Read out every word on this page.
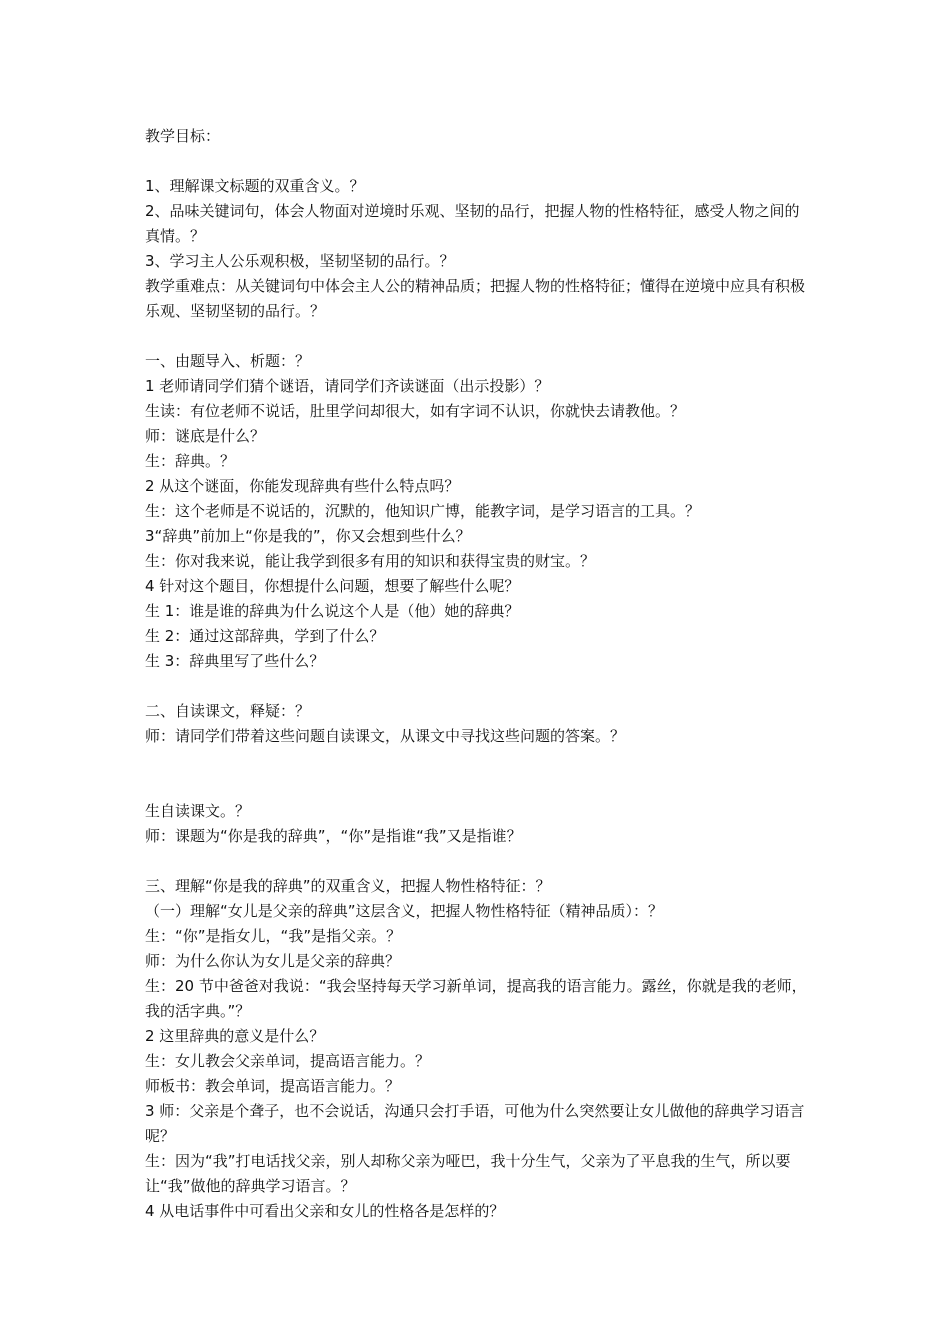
教学目标：

1、理解课文标题的双重含义。？

2、品味关键词句，体会人物面对逆境时乐观、坚韧的品行，把握人物的性格特征，感受人物之间的真情。？

3、学习主人公乐观积极，坚韧坚韧的品行。？

教学重难点：从关键词句中体会主人公的精神品质；把握人物的性格特征；懂得在逆境中应具有积极乐观、坚韧坚韧的品行。？

一、由题导入、析题：？

1 老师请同学们猜个谜语，请同学们齐读谜面（出示投影）？

生读：有位老师不说话，肚里学问却很大，如有字词不认识，你就快去请教他。？

师：谜底是什么？

生：辞典。？

2 从这个谜面，你能发现辞典有些什么特点吗？

生：这个老师是不说话的，沉默的，他知识广博，能教字词，是学习语言的工具。？

3“辞典”前加上“你是我的”，你又会想到些什么？

生：你对我来说，能让我学到很多有用的知识和获得宝贵的财宝。？

4 针对这个题目，你想提什么问题，想要了解些什么呢？

生 1：谁是谁的辞典为什么说这个人是（他）她的辞典？

生 2：通过这部辞典，学到了什么？

生 3：辞典里写了些什么？

二、自读课文，释疑：？

师：请同学们带着这些问题自读课文，从课文中寻找这些问题的答案。？

生自读课文。？

师：课题为“你是我的辞典”，“你”是指谁“我”又是指谁？

三、理解“你是我的辞典”的双重含义，把握人物性格特征：？

（一）理解“女儿是父亲的辞典”这层含义，把握人物性格特征（精神品质）：？

生：“你”是指女儿，“我”是指父亲。？

师：为什么你认为女儿是父亲的辞典？

生：20 节中爸爸对我说：“我会坚持每天学习新单词，提高我的语言能力。露丝，你就是我的老师，我的活字典。”？

2 这里辞典的意义是什么？

生：女儿教会父亲单词，提高语言能力。？

师板书：教会单词，提高语言能力。？

3 师：父亲是个聋子，也不会说话，沟通只会打手语，可他为什么突然要让女儿做他的辞典学习语言呢？

生：因为“我”打电话找父亲，别人却称父亲为哑巴，我十分生气，父亲为了平息我的生气，所以要让“我”做他的辞典学习语言。？

4 从电话事件中可看出父亲和女儿的性格各是怎样的？
